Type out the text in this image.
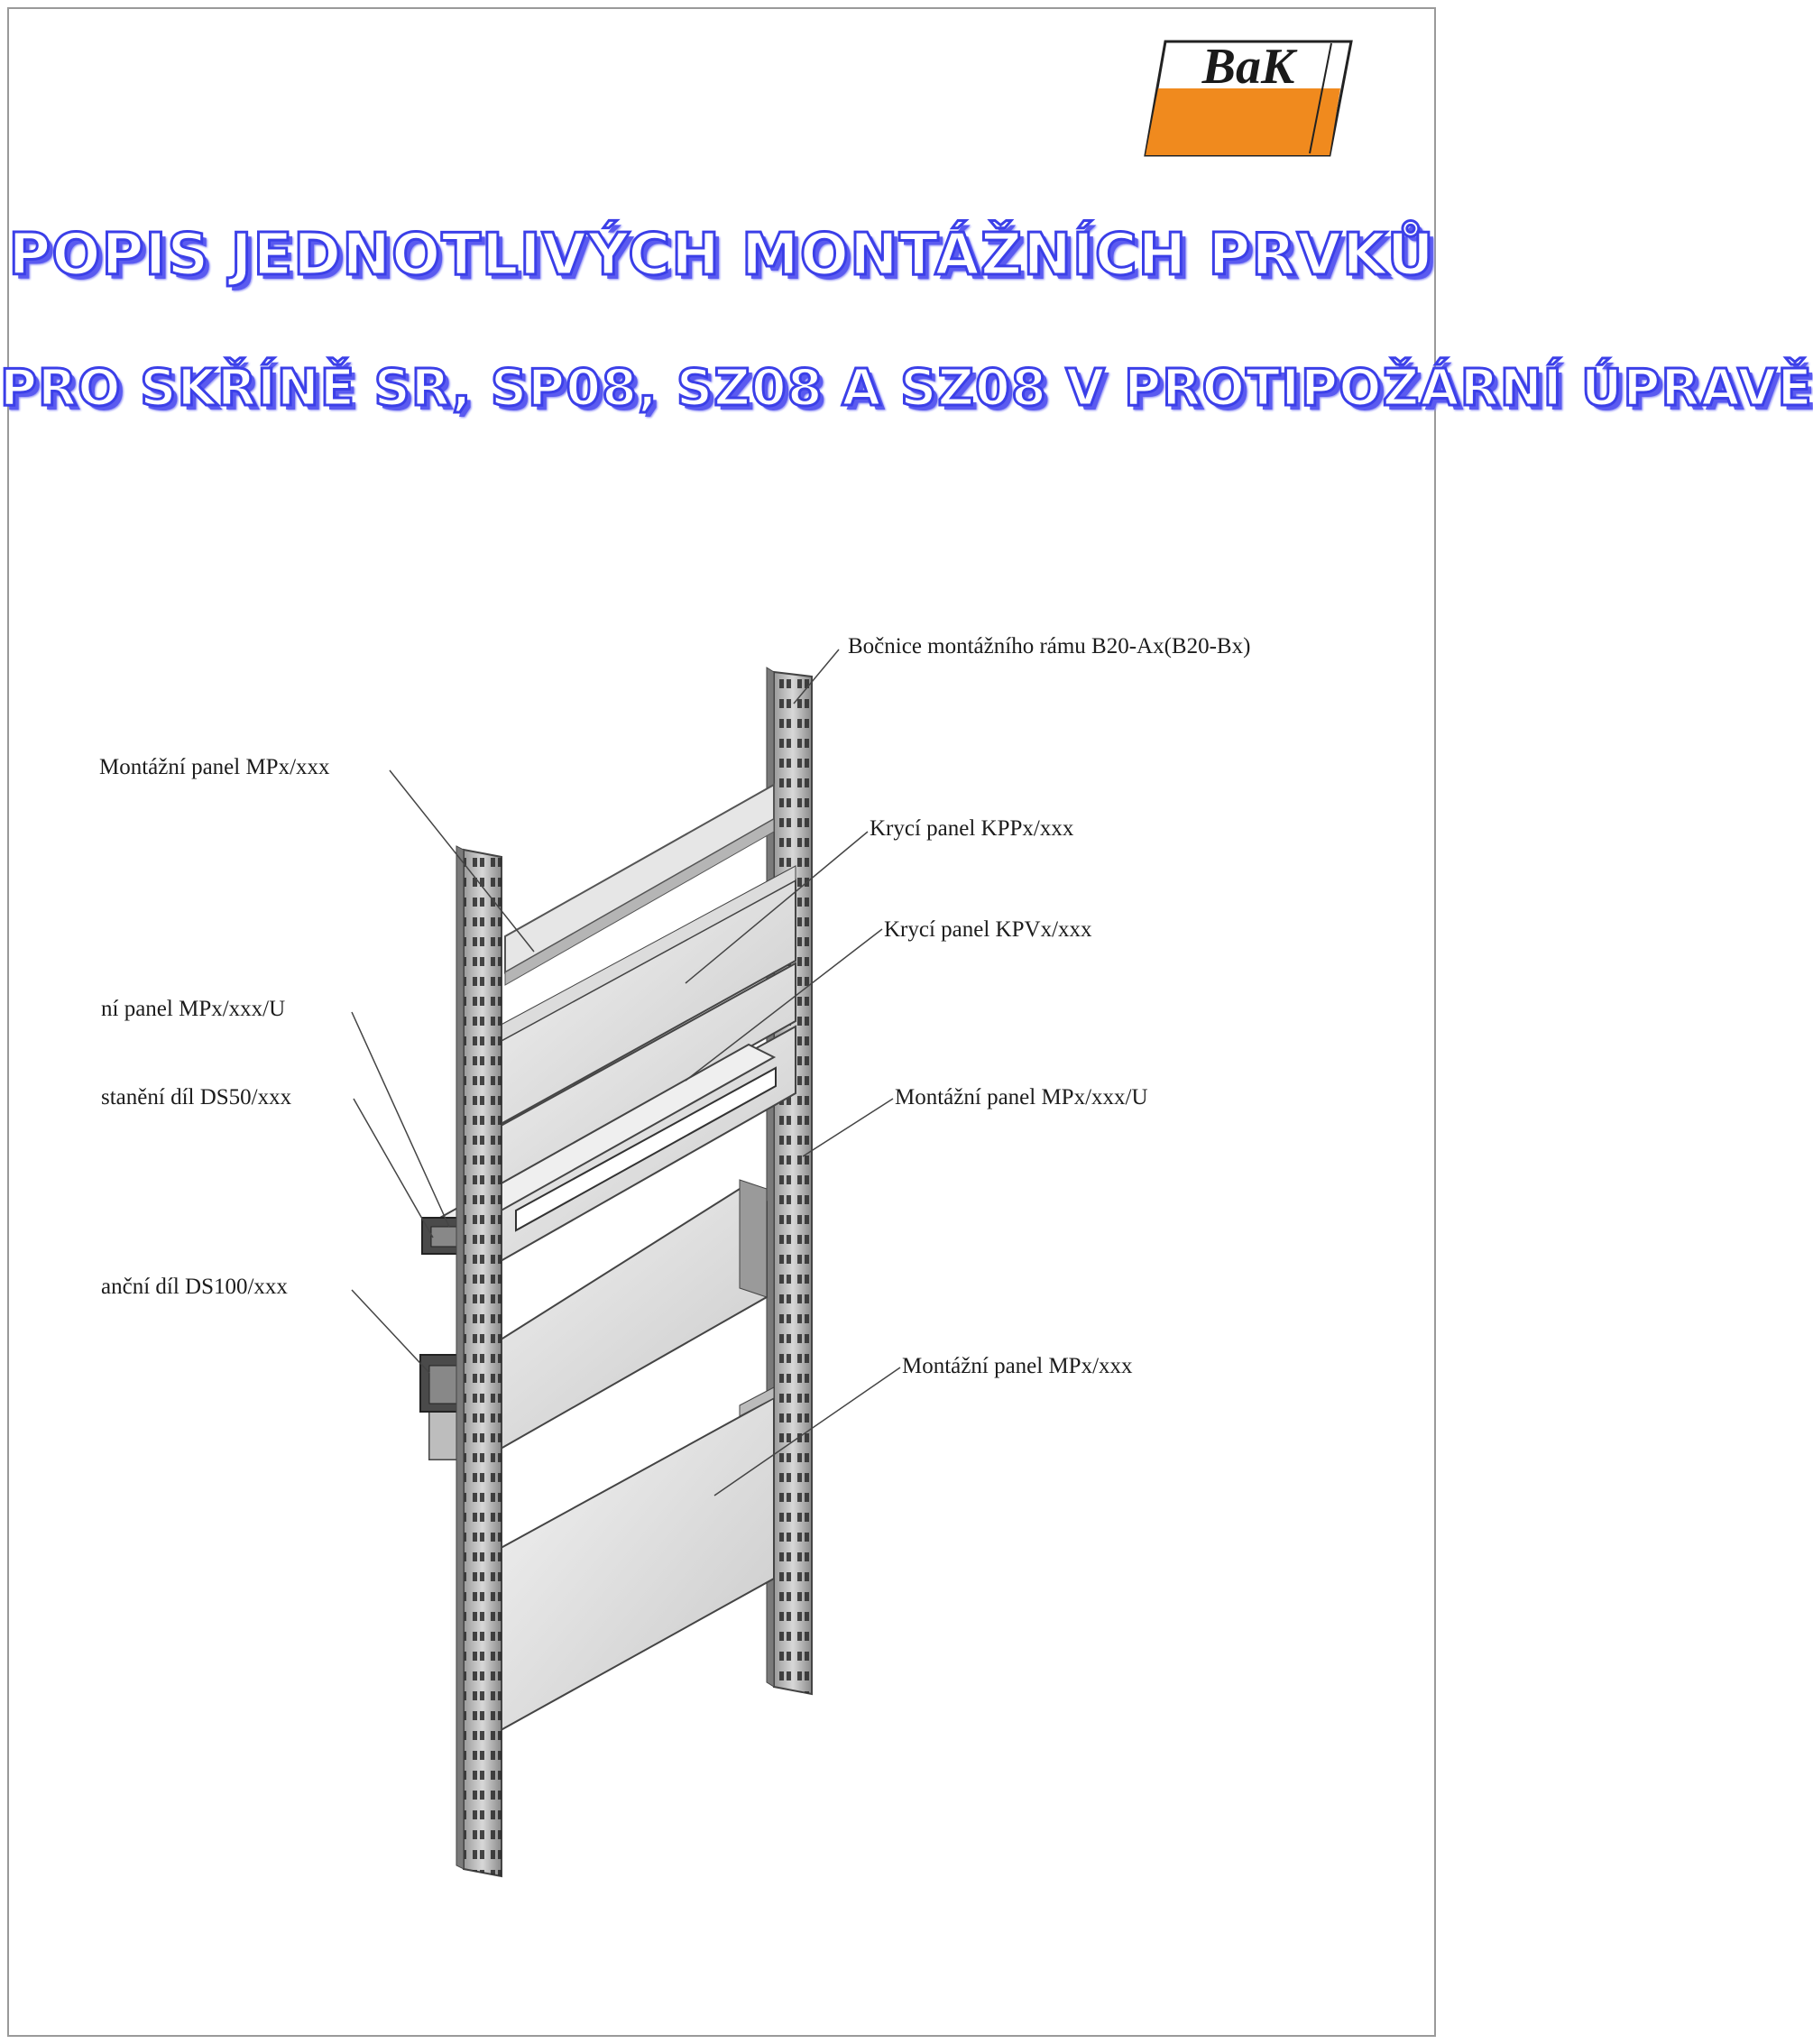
BaK
POPIS JEDNOTLIVÝCH MONTÁŽNÍCH PRVKŮ
PRO SKŘÍNĚ SR, SP08, SZ08 A SZ08 V PROTIPOŽÁRNÍ ÚPRAVĚ
Bočnice montážního rámu B20-Ax(B20-Bx)
Montážní panel MPx/xxx
Krycí panel KPPx/xxx
Krycí panel KPVx/xxx
ní panel MPx/xxx/U
stanění díl DS50/xxx	Montážní panel MPx/xxx/U
anční díl DS100/xxx
Montážní panel MPx/xxx
